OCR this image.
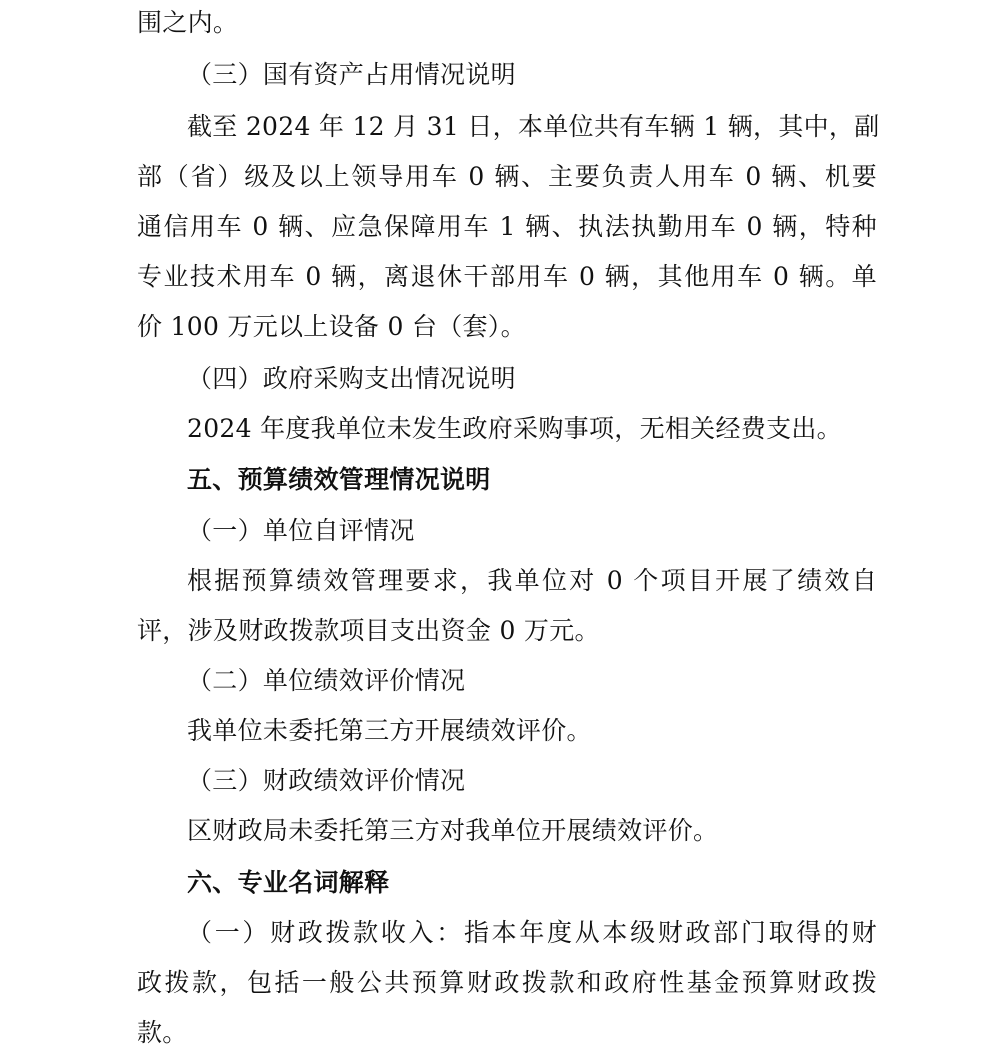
围之内。
（三）国有资产占用情况说明
截至 2024 年 12 月 31 日，本单位共有车辆 1 辆，其中，副
部（省）级及以上领导用车 0 辆、主要负责人用车 0 辆、机要
通信用车 0 辆、应急保障用车 1 辆、执法执勤用车 0 辆，特种
专业技术用车 0 辆，离退休干部用车 0 辆，其他用车 0 辆。单
价 100 万元以上设备 0 台（套）。
（四）政府采购支出情况说明
2024 年度我单位未发生政府采购事项，无相关经费支出。
五、预算绩效管理情况说明
（一）单位自评情况
根据预算绩效管理要求，我单位对 0 个项目开展了绩效自
评，涉及财政拨款项目支出资金 0 万元。
（二）单位绩效评价情况
我单位未委托第三方开展绩效评价。
（三）财政绩效评价情况
区财政局未委托第三方对我单位开展绩效评价。
六、专业名词解释
（一）财政拨款收入：指本年度从本级财政部门取得的财
政拨款，包括一般公共预算财政拨款和政府性基金预算财政拨
款。
